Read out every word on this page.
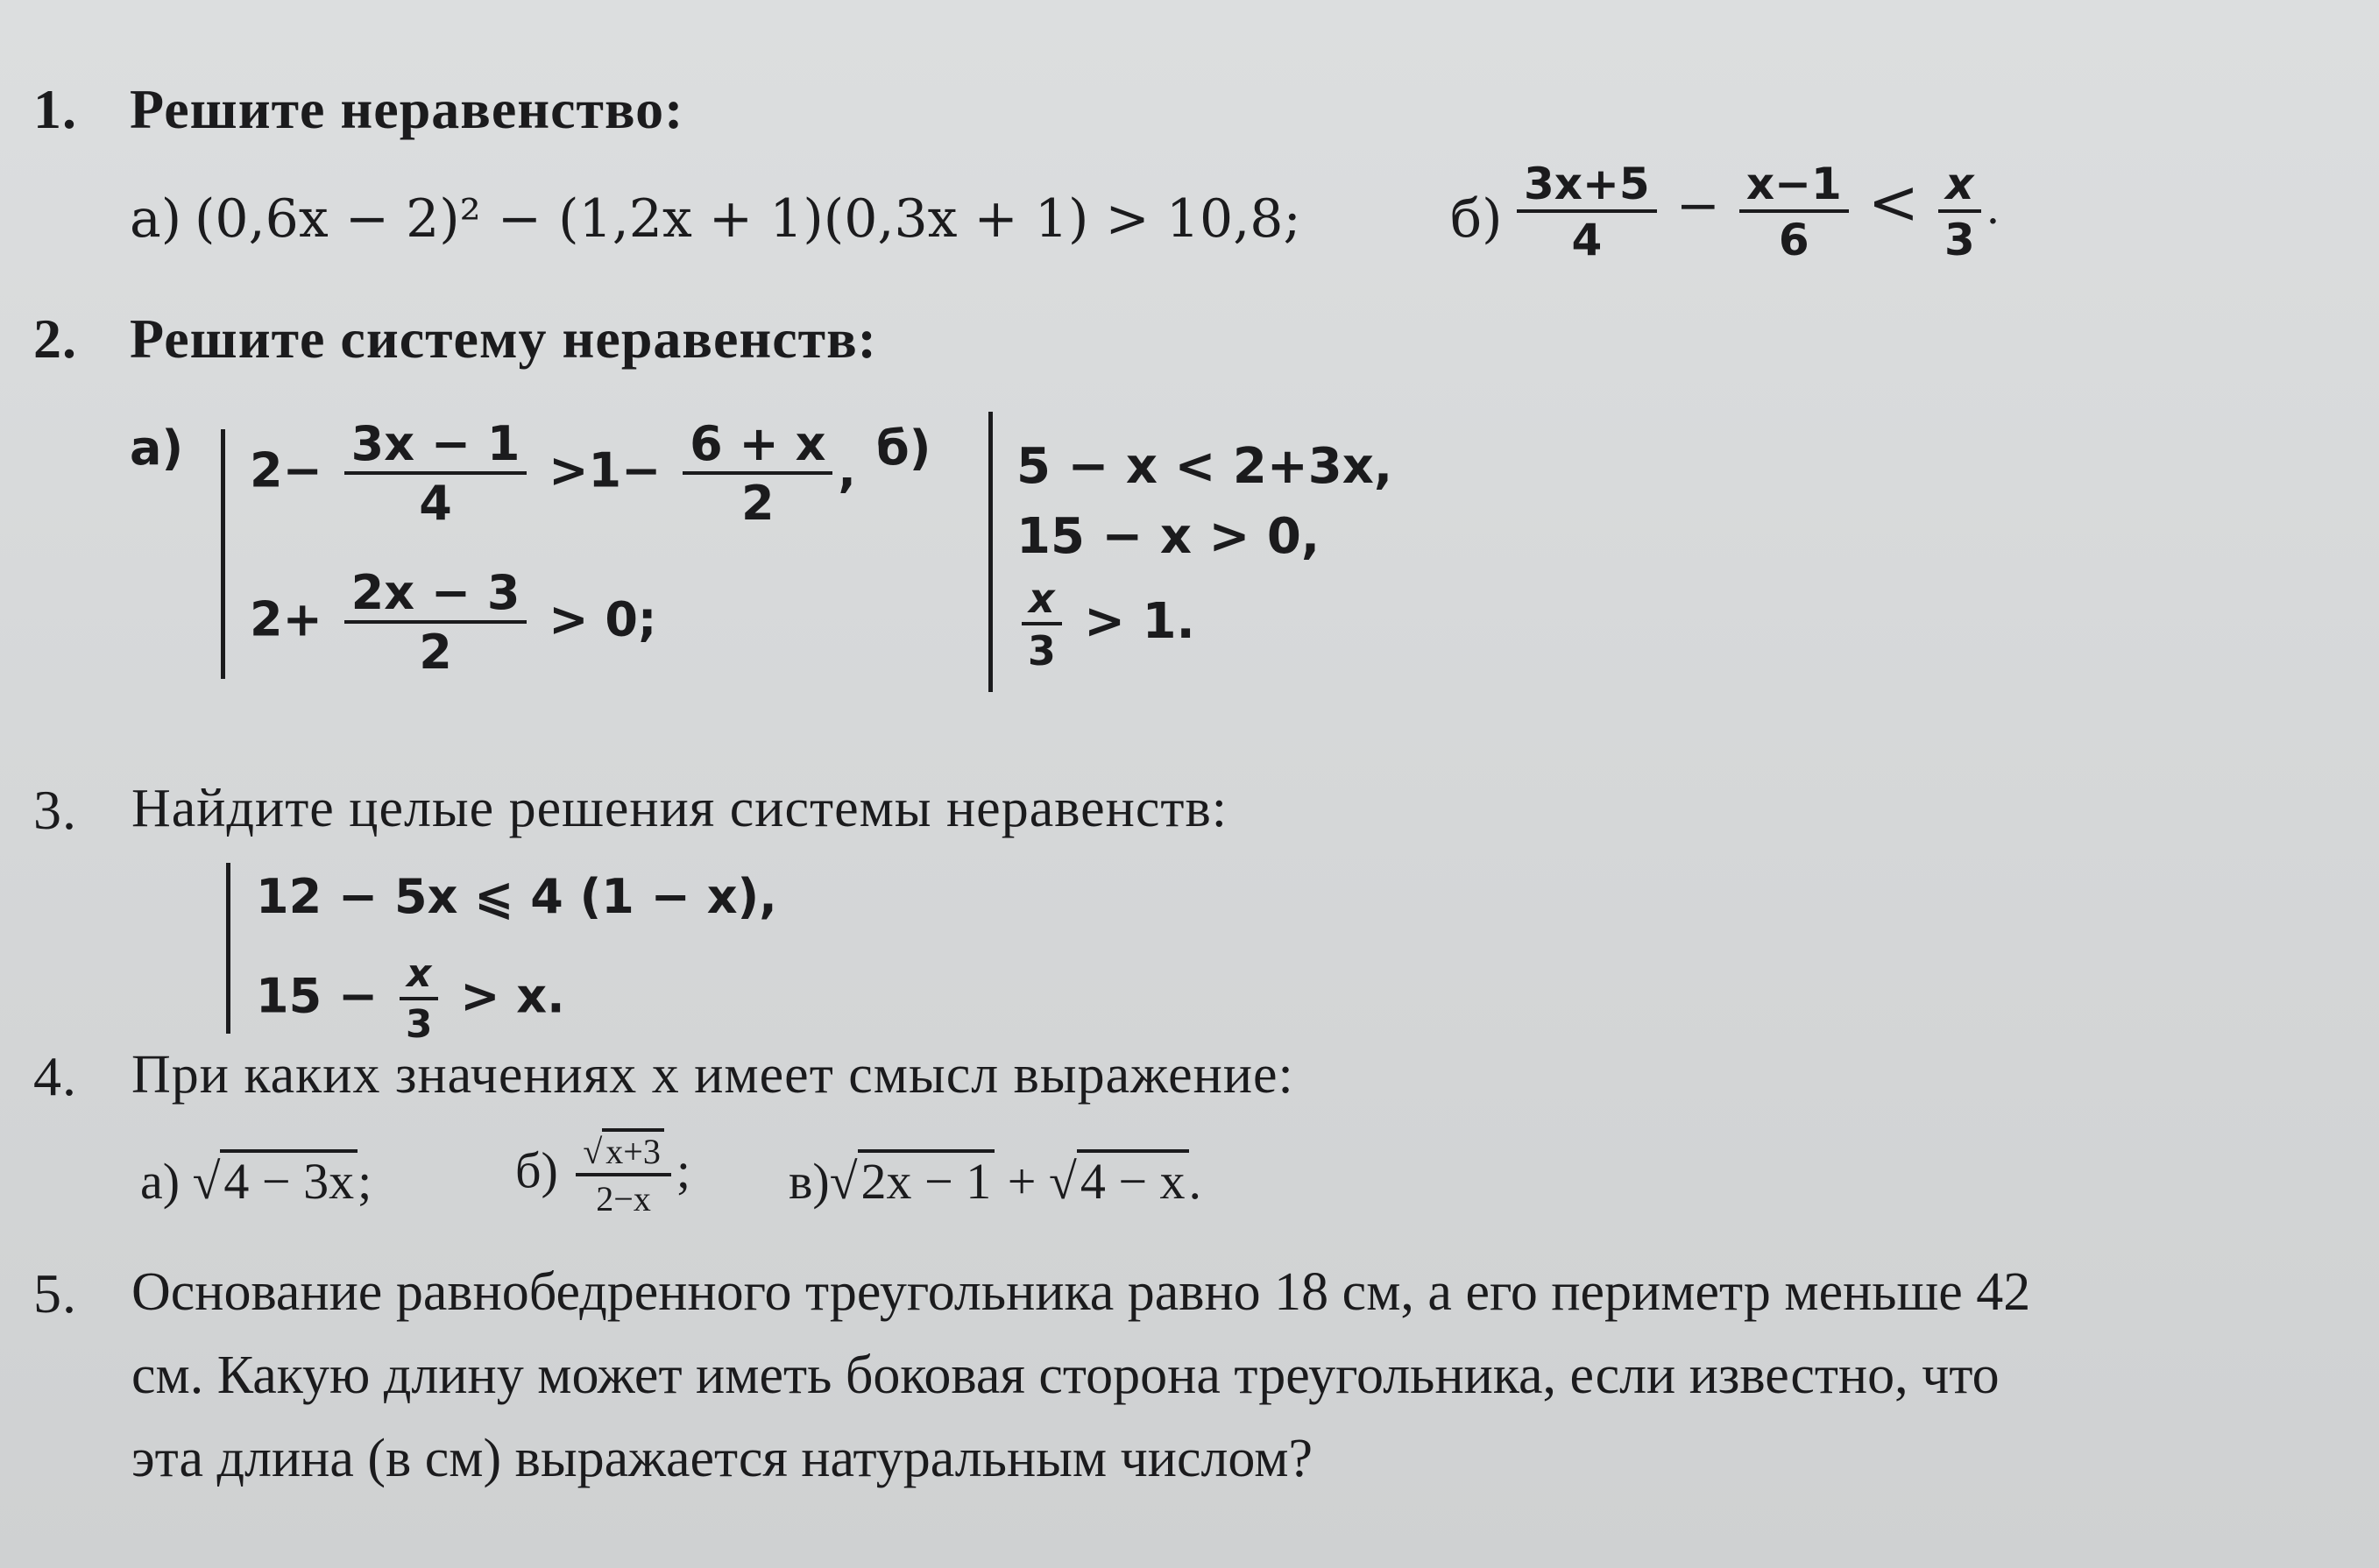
1. Решите неравенство:
а) (0,6x − 2)² − (1,2x + 1)(0,3x + 1) > 10,8;	$б) \frac{3x+5}{4} - \frac{x-1}{6} < \frac{x}{3}$ .
2. Решите систему неравенств:
а) $2- \frac{3x - 1}{4} >1- \frac{6 + x}{2}$ ,
$2+ \frac{2x - 3}{2} > 0$;
б) 5 − x < 2+3x,
15 − x > 0,
$\frac{x}{3} > 1$.
3. Найдите целые решения системы неравенств:
12 − 5x ⩽ 4 (1 − x),
$15 - \frac{x}{3} > x$.
4. При каких значениях x имеет смысл выражение:
а) √4 − 3x;	$б) \frac{√ x+3}{2-x}$ ; в)√2x − 1 + √4 − x.
5. Основание равнобедренного треугольника равно 18 см, а его периметр меньше 42
см. Какую длину может иметь боковая сторона треугольника, если известно, что
эта длина (в см) выражается натуральным числом?
